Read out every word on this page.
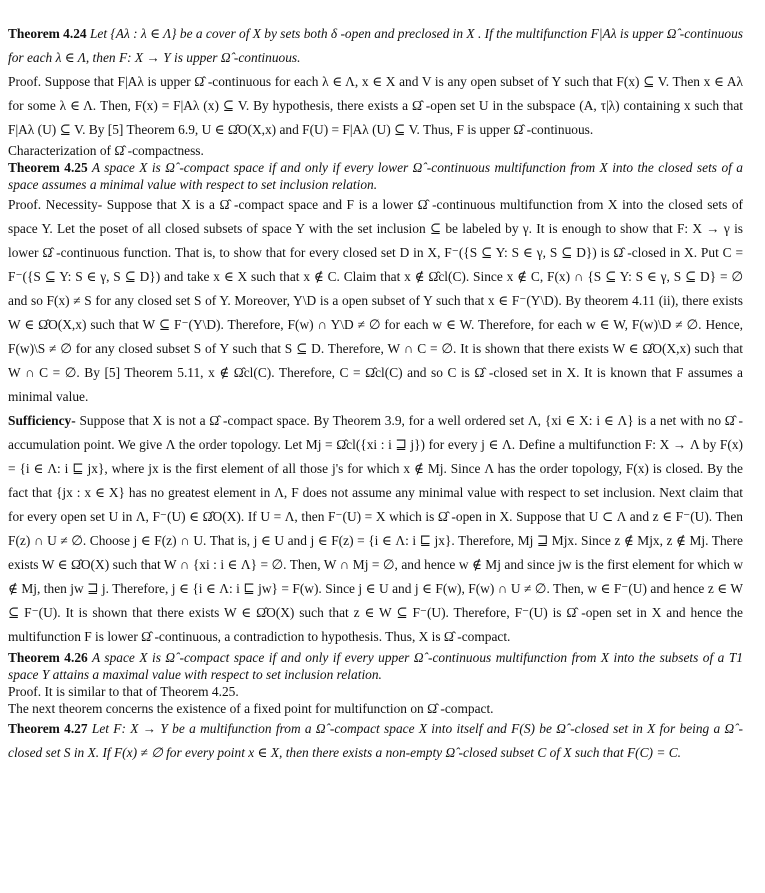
Theorem 4.24 Let {Aλ : λ ∈ Λ} be a cover of X by sets both δ -open and preclosed in X . If the multifunction F|Aλ is upper Ω̂ -continuous for each λ ∈ Λ, then F: X → Y is upper Ω̂ -continuous.

Proof. Suppose that F|Aλ is upper Ω̂ -continuous for each λ ∈ Λ, x ∈ X and V is any open subset of Y such that F(x) ⊆ V. Then x ∈ Aλ for some λ ∈ Λ. Then, F(x) = F|Aλ (x) ⊆ V. By hypothesis, there exists a Ω̂ -open set U in the subspace (A, τ|λ) containing x such that F|Aλ (U) ⊆ V. By [5] Theorem 6.9, U ∈ Ω̂O(X,x) and F(U) = F|Aλ (U) ⊆ V. Thus, F is upper Ω̂ -continuous.

Characterization of Ω̂ -compactness.

Theorem 4.25 A space X is Ω̂ -compact space if and only if every lower Ω̂ -continuous multifunction from X into the closed sets of a space assumes a minimal value with respect to set inclusion relation.

Proof. Necessity- Suppose that X is a Ω̂ -compact space and F is a lower Ω̂ -continuous multifunction from X into the closed sets of space Y. Let the poset of all closed subsets of space Y with the set inclusion ⊆ be labeled by γ. It is enough to show that F: X → γ is lower Ω̂ -continuous function. That is, to show that for every closed set D in X, F⁻({S ⊆ Y: S ∈ γ, S ⊆ D}) is Ω̂ -closed in X. Put C = F⁻({S ⊆ Y: S ∈ γ, S ⊆ D}) and take x ∈ X such that x ∉ C. Claim that x ∉ Ω̂cl(C). Since x ∉ C, F(x) ∩ {S ⊆ Y: S ∈ γ, S ⊆ D} = ∅ and so F(x) ≠ S for any closed set S of Y. Moreover, Y\D is a open subset of Y such that x ∈ F⁻(Y\D). By theorem 4.11 (ii), there exists W ∈ Ω̂O(X,x) such that W ⊆ F⁻(Y\D). Therefore, F(w) ∩ Y\D ≠ ∅ for each w ∈ W. Therefore, for each w ∈ W, F(w)\D ≠ ∅. Hence, F(w)\S ≠ ∅ for any closed subset S of Y such that S ⊆ D. Therefore, W ∩ C = ∅. It is shown that there exists W ∈ Ω̂O(X,x) such that W ∩ C = ∅. By [5] Theorem 5.11, x ∉ Ω̂cl(C). Therefore, C = Ω̂cl(C) and so C is Ω̂ -closed set in X. It is known that F assumes a minimal value.

Sufficiency- Suppose that X is not a Ω̂ -compact space. By Theorem 3.9, for a well ordered set Λ, {xi ∈ X: i ∈ Λ} is a net with no Ω̂ -accumulation point. We give Λ the order topology. Let Mj = Ω̂cl({xi : i ⊒ j}) for every j ∈ Λ. Define a multifunction F: X → Λ by F(x) = {i ∈ Λ: i ⊑ jx}, where jx is the first element of all those j's for which x ∉ Mj. Since Λ has the order topology, F(x) is closed. By the fact that {jx : x ∈ X} has no greatest element in Λ, F does not assume any minimal value with respect to set inclusion. Next claim that for every open set U in Λ, F⁻(U) ∈ Ω̂O(X). If U = Λ, then F⁻(U) = X which is Ω̂ -open in X. Suppose that U ⊂ Λ and z ∈ F⁻(U). Then F(z) ∩ U ≠ ∅. Choose j ∈ F(z) ∩ U. That is, j ∈ U and j ∈ F(z) = {i ∈ Λ: i ⊑ jx}. Therefore, Mj ⊒ Mjx. Since z ∉ Mjx, z ∉ Mj. There exists W ∈ Ω̂O(X) such that W ∩ {xi : i ∈ Λ} = ∅. Then, W ∩ Mj = ∅, and hence w ∉ Mj and since jw is the first element for which w ∉ Mj, then jw ⊒ j. Therefore, j ∈ {i ∈ Λ: i ⊑ jw} = F(w). Since j ∈ U and j ∈ F(w), F(w) ∩ U ≠ ∅. Then, w ∈ F⁻(U) and hence z ∈ W ⊆ F⁻(U). It is shown that there exists W ∈ Ω̂O(X) such that z ∈ W ⊆ F⁻(U). Therefore, F⁻(U) is Ω̂ -open set in X and hence the multifunction F is lower Ω̂ -continuous, a contradiction to hypothesis. Thus, X is Ω̂ -compact.

Theorem 4.26 A space X is Ω̂ -compact space if and only if every upper Ω̂ -continuous multifunction from X into the subsets of a T1 space Y attains a maximal value with respect to set inclusion relation.

Proof. It is similar to that of Theorem 4.25.

The next theorem concerns the existence of a fixed point for multifunction on Ω̂ -compact.

Theorem 4.27 Let F: X → Y be a multifunction from a Ω̂ -compact space X into itself and F(S) be Ω̂ -closed set in X for being a Ω̂ -closed set S in X. If F(x) ≠ ∅ for every point x ∈ X, then there exists a non-empty Ω̂ -closed subset C of X such that F(C) = C.
